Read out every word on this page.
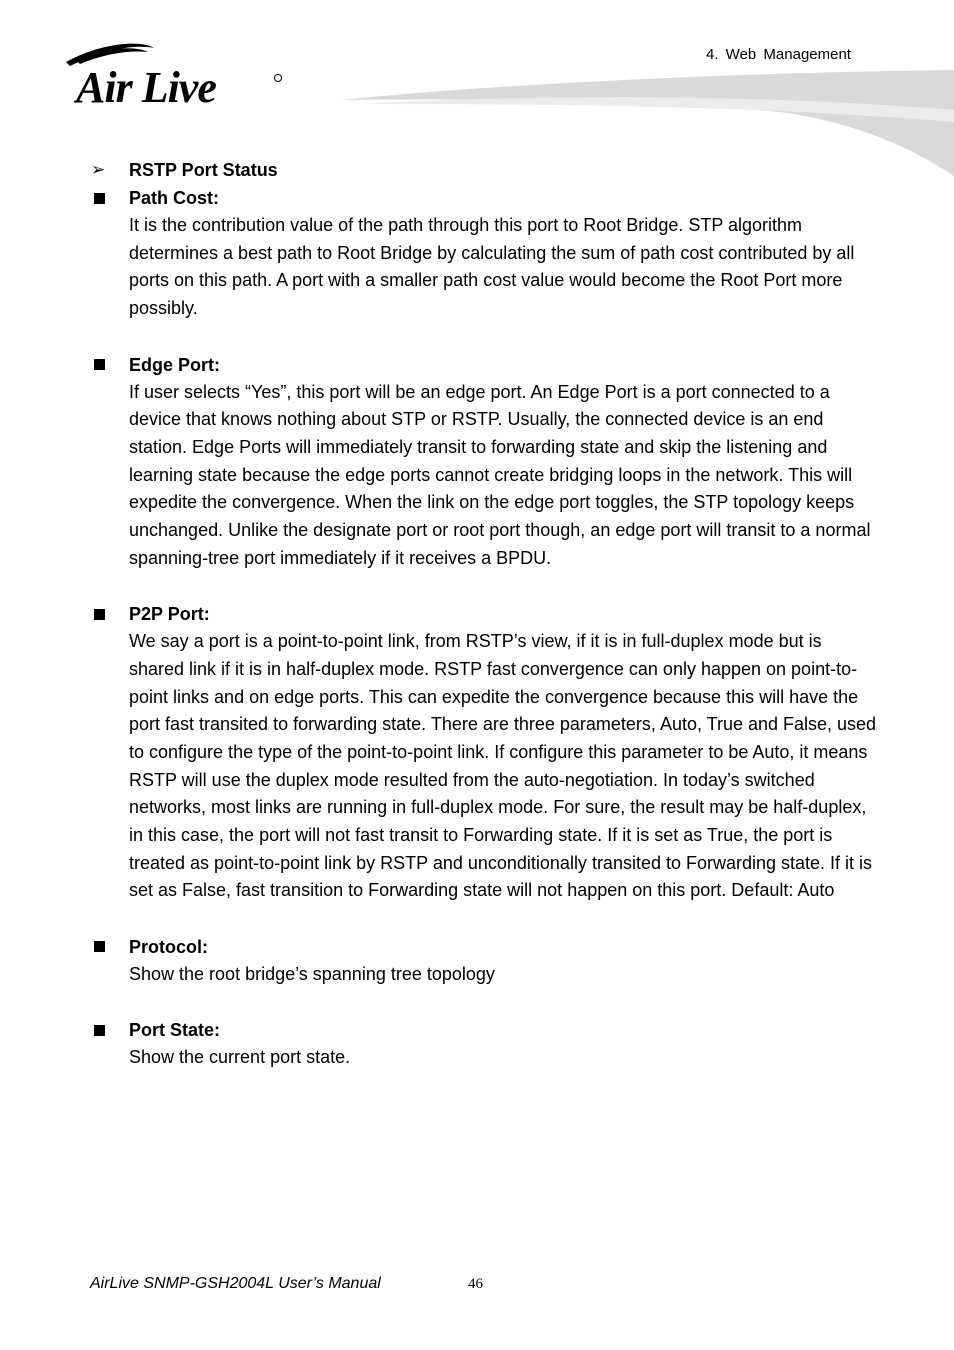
4. Web Management
Air Live
➢ RSTP Port Status
Path Cost:

It is the contribution value of the path through this port to Root Bridge. STP algorithm determines a best path to Root Bridge by calculating the sum of path cost contributed by all ports on this path. A port with a smaller path cost value would become the Root Port more possibly.

Edge Port:

If user selects “Yes”, this port will be an edge port. An Edge Port is a port connected to a device that knows nothing about STP or RSTP. Usually, the connected device is an end station. Edge Ports will immediately transit to forwarding state and skip the listening and learning state because the edge ports cannot create bridging loops in the network. This will expedite the convergence. When the link on the edge port toggles, the STP topology keeps unchanged. Unlike the designate port or root port though, an edge port will transit to a normal spanning-tree port immediately if it receives a BPDU.

P2P Port:

We say a port is a point-to-point link, from RSTP’s view, if it is in full-duplex mode but is shared link if it is in half-duplex mode. RSTP fast convergence can only happen on point-to-point links and on edge ports. This can expedite the convergence because this will have the port fast transited to forwarding state. There are three parameters, Auto, True and False, used to configure the type of the point-to-point link. If configure this parameter to be Auto, it means RSTP will use the duplex mode resulted from the auto-negotiation. In today’s switched networks, most links are running in full-duplex mode. For sure, the result may be half-duplex, in this case, the port will not fast transit to Forwarding state. If it is set as True, the port is treated as point-to-point link by RSTP and unconditionally transited to Forwarding state. If it is set as False, fast transition to Forwarding state will not happen on this port. Default: Auto

Protocol:

Show the root bridge’s spanning tree topology

Port State:

Show the current port state.

AirLive SNMP-GSH2004L User’s Manual	46
